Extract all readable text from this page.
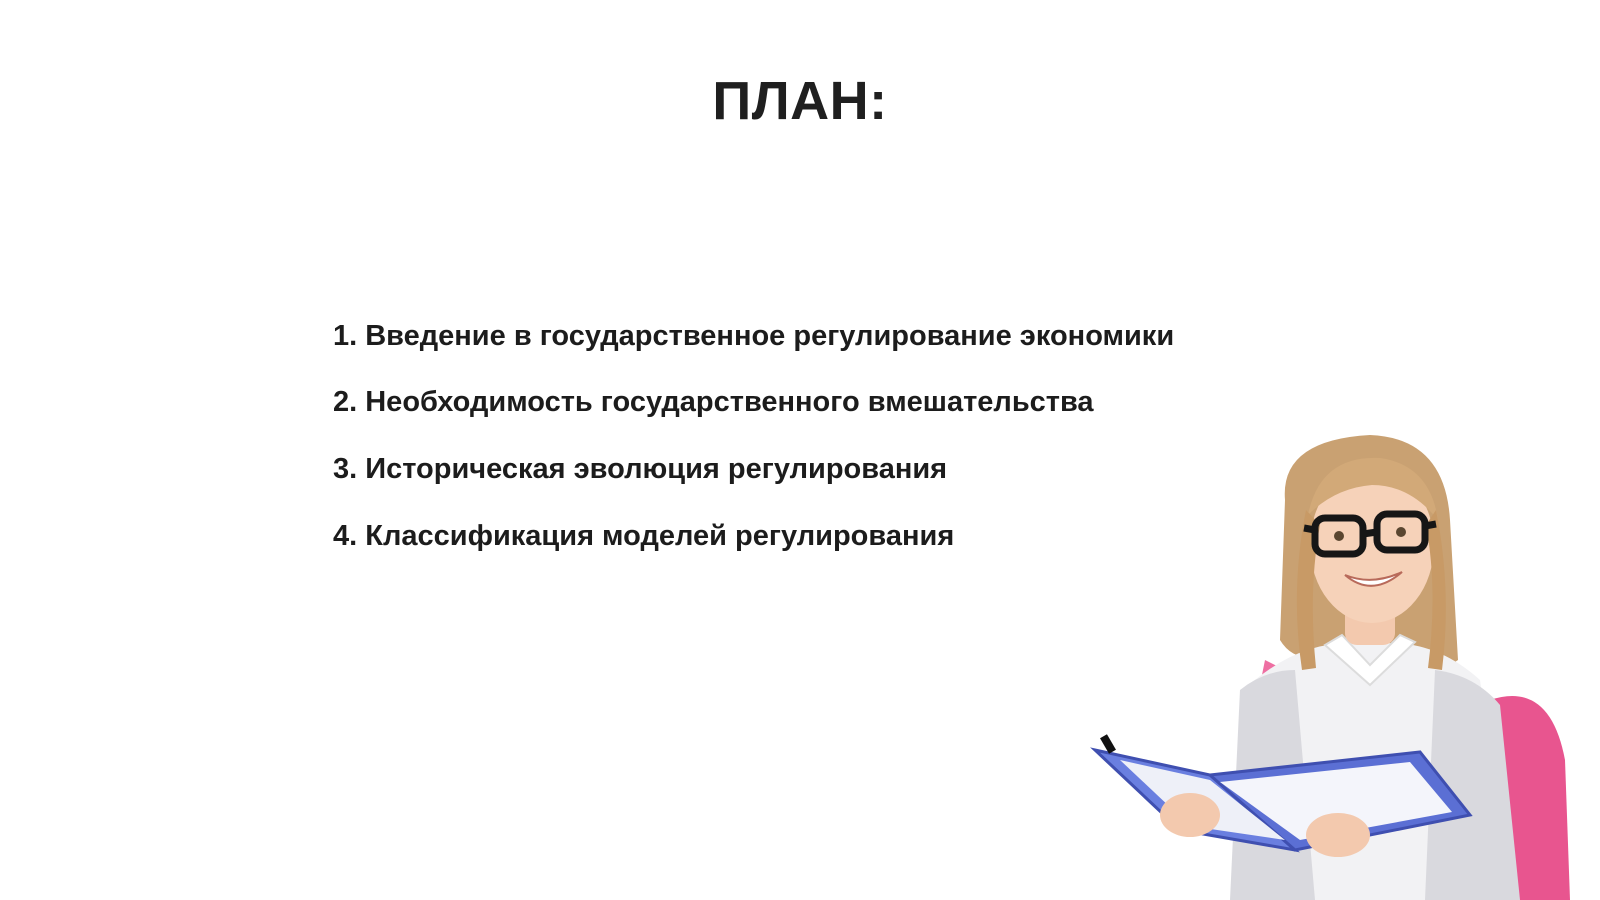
ПЛАН:
1. Введение в государственное регулирование экономики
2. Необходимость государственного вмешательства
3. Историческая эволюция регулирования
4. Классификация моделей регулирования
